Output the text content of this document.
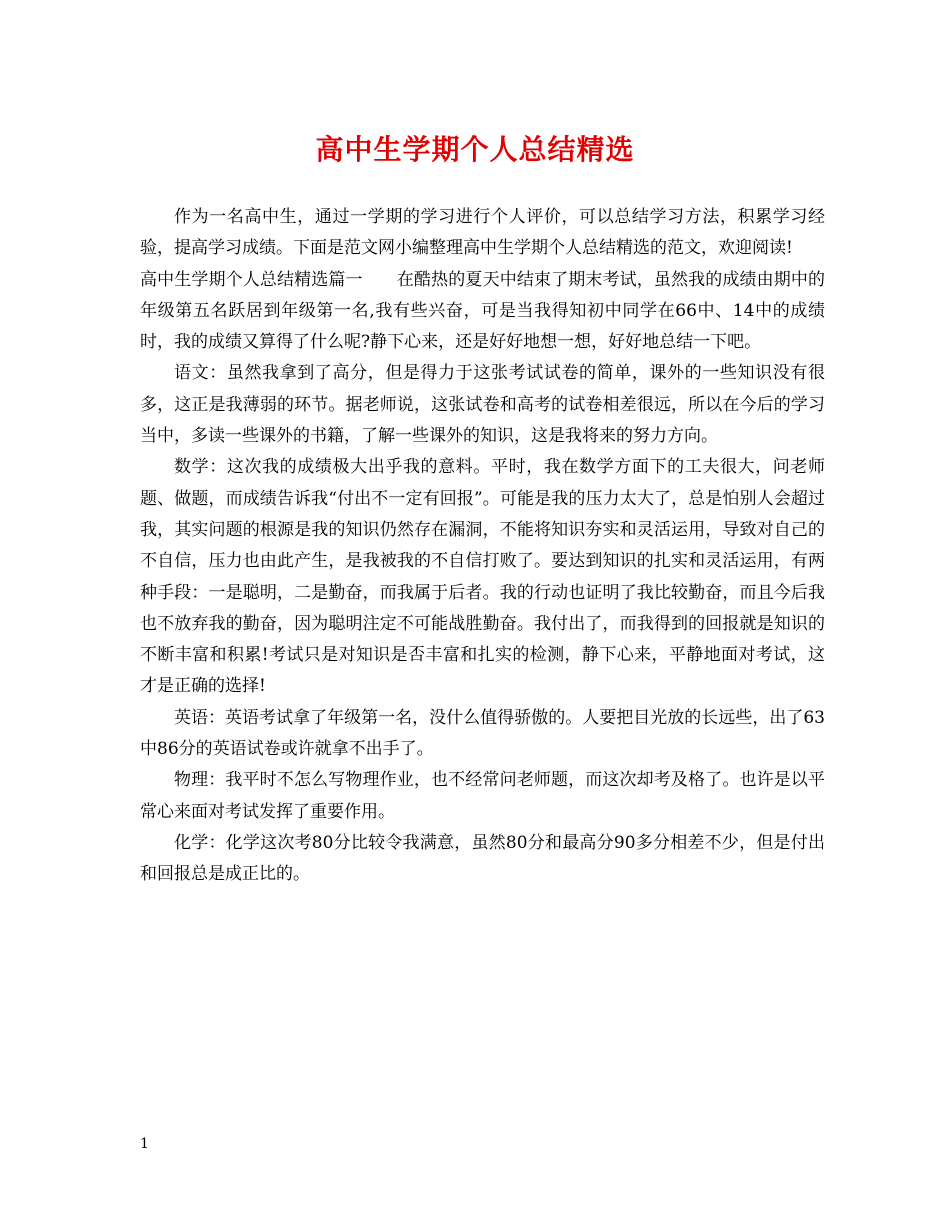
高中生学期个人总结精选

作为一名高中生，通过一学期的学习进行个人评价，可以总结学习方法，积累学习经验，提高学习成绩。下面是范文网小编整理高中生学期个人总结精选的范文，欢迎阅读!

高中生学期个人总结精选篇一　　在酷热的夏天中结束了期末考试，虽然我的成绩由期中的年级第五名跃居到年级第一名,我有些兴奋，可是当我得知初中同学在66中、14中的成绩时，我的成绩又算得了什么呢?静下心来，还是好好地想一想，好好地总结一下吧。

语文：虽然我拿到了高分，但是得力于这张考试试卷的简单，课外的一些知识没有很多，这正是我薄弱的环节。据老师说，这张试卷和高考的试卷相差很远，所以在今后的学习当中，多读一些课外的书籍，了解一些课外的知识，这是我将来的努力方向。

数学：这次我的成绩极大出乎我的意料。平时，我在数学方面下的工夫很大，问老师题、做题，而成绩告诉我“付出不一定有回报”。可能是我的压力太大了，总是怕别人会超过我，其实问题的根源是我的知识仍然存在漏洞，不能将知识夯实和灵活运用，导致对自己的不自信，压力也由此产生，是我被我的不自信打败了。要达到知识的扎实和灵活运用，有两种手段：一是聪明，二是勤奋，而我属于后者。我的行动也证明了我比较勤奋，而且今后我也不放弃我的勤奋，因为聪明注定不可能战胜勤奋。我付出了，而我得到的回报就是知识的不断丰富和积累!考试只是对知识是否丰富和扎实的检测，静下心来，平静地面对考试，这才是正确的选择!

英语：英语考试拿了年级第一名，没什么值得骄傲的。人要把目光放的长远些，出了63中86分的英语试卷或许就拿不出手了。

物理：我平时不怎么写物理作业，也不经常问老师题，而这次却考及格了。也许是以平常心来面对考试发挥了重要作用。

化学：化学这次考80分比较令我满意，虽然80分和最高分90多分相差不少，但是付出和回报总是成正比的。

1
